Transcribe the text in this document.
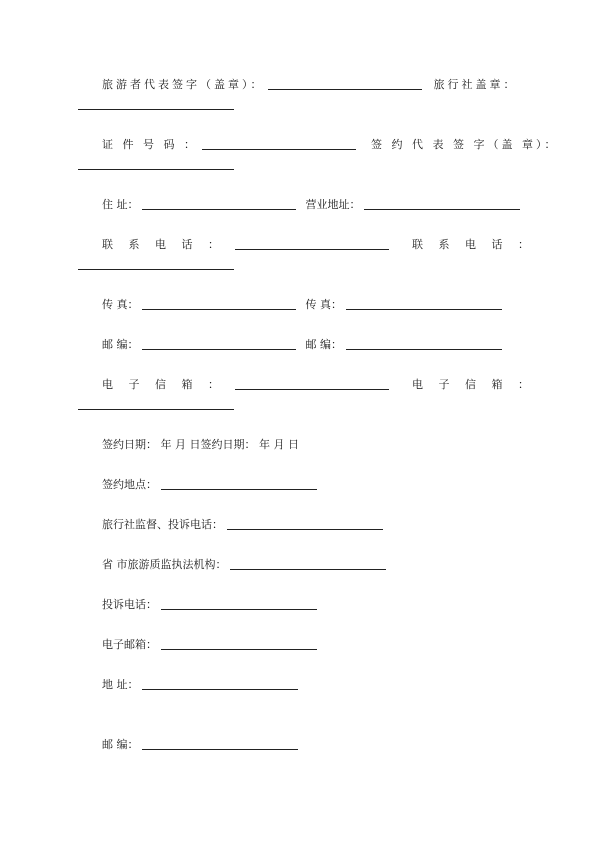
旅游者代表签字（盖章）：	旅行社盖章：
证 件 号 码 ：	签 约 代 表 签 字（盖 章）：
住 址：	营业地址：
联 系 电 话 ：	联 系 电 话 ：
传 真：	传 真：
邮 编：	邮 编：
电 子 信 箱 ：	电 子 信 箱 ：
签约日期： 年 月 日签约日期： 年 月 日
签约地点：
旅行社监督、投诉电话：
省 市旅游质监执法机构：
投诉电话：
电子邮箱：
地 址：
邮 编：
